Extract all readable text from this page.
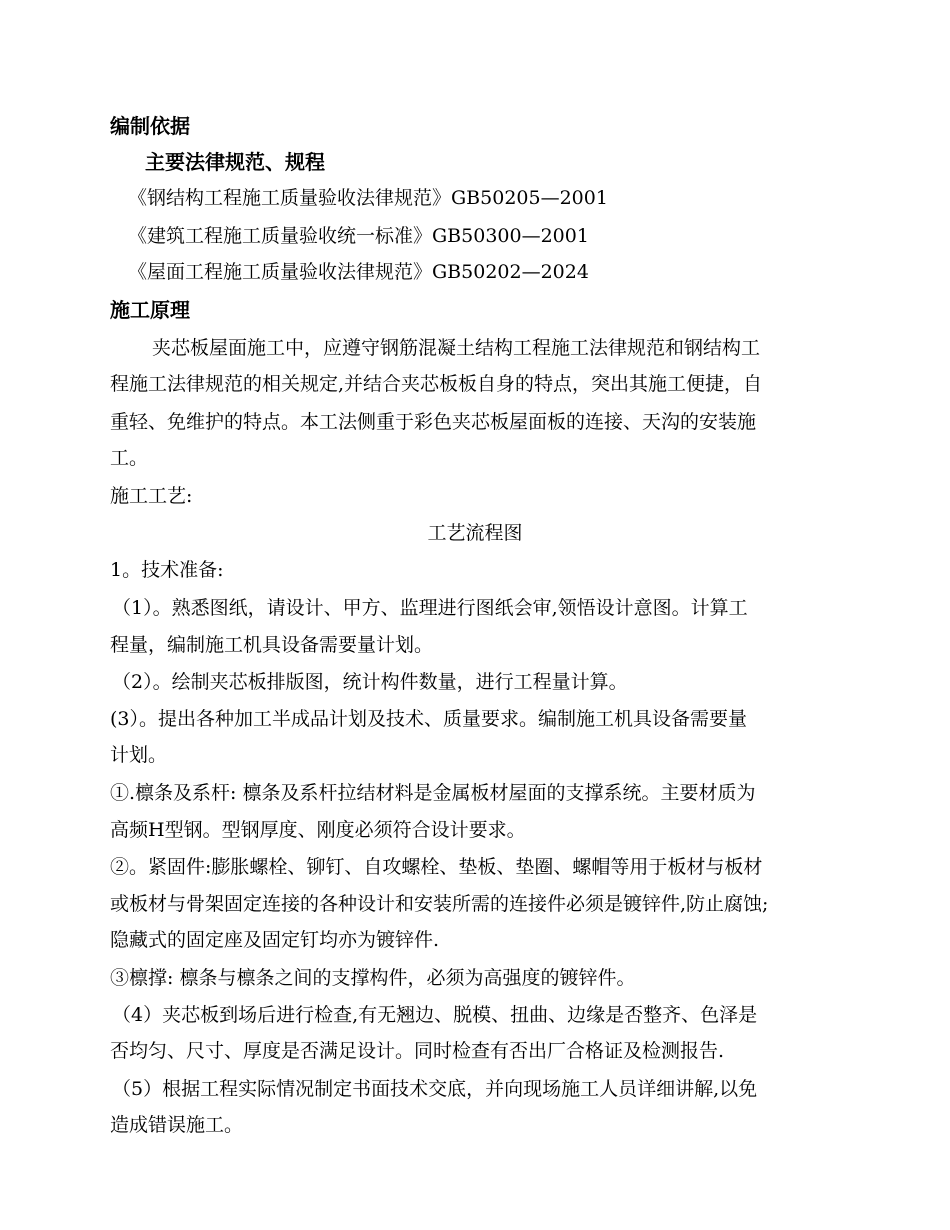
编制依据
主要法律规范、规程
《钢结构工程施工质量验收法律规范》GB50205—2001
《建筑工程施工质量验收统一标准》GB50300—2001
《屋面工程施工质量验收法律规范》GB50202—2024
施工原理
夹芯板屋面施工中，应遵守钢筋混凝土结构工程施工法律规范和钢结构工
程施工法律规范的相关规定,并结合夹芯板板自身的特点，突出其施工便捷，自
重轻、免维护的特点。本工法侧重于彩色夹芯板屋面板的连接、天沟的安装施
工。
施工工艺:
工艺流程图
1。技术准备:
（1）。熟悉图纸，请设计、甲方、监理进行图纸会审,领悟设计意图。计算工
程量，编制施工机具设备需要量计划。
（2）。绘制夹芯板排版图，统计构件数量，进行工程量计算。
(3）。提出各种加工半成品计划及技术、质量要求。编制施工机具设备需要量
计划。
①.檩条及系杆: 檩条及系杆拉结材料是金属板材屋面的支撑系统。主要材质为
高频H型钢。型钢厚度、刚度必须符合设计要求。
②。紧固件:膨胀螺栓、铆钉、自攻螺栓、垫板、垫圈、螺帽等用于板材与板材
或板材与骨架固定连接的各种设计和安装所需的连接件必须是镀锌件,防止腐蚀;
隐藏式的固定座及固定钉均亦为镀锌件.
③檩撑: 檩条与檩条之间的支撑构件，必须为高强度的镀锌件。
（4）夹芯板到场后进行检查,有无翘边、脱模、扭曲、边缘是否整齐、色泽是
否均匀、尺寸、厚度是否满足设计。同时检查有否出厂合格证及检测报告.
（5）根据工程实际情况制定书面技术交底，并向现场施工人员详细讲解,以免
造成错误施工。
